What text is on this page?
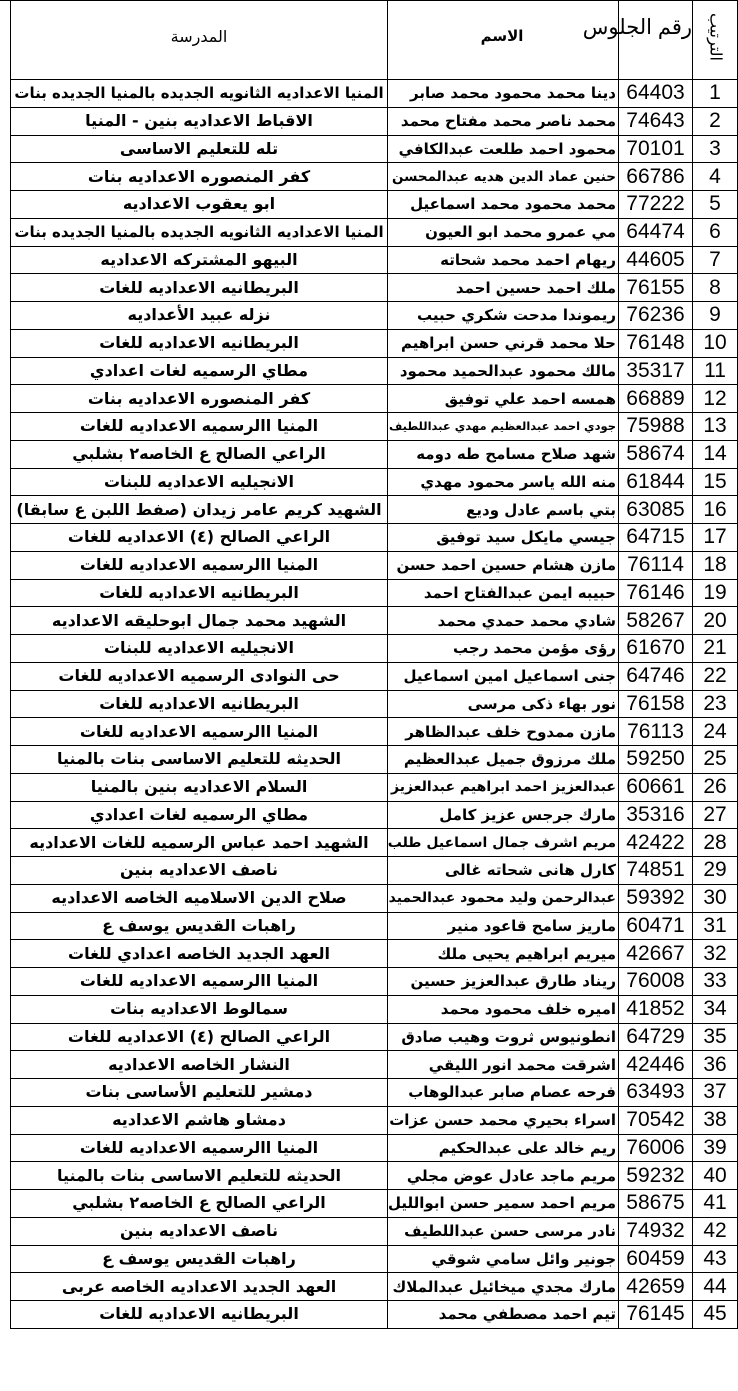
الترتيب	رقم الجلوس	الاسم	المدرسة	

1	64403	دينا محمد محمود محمد صابر	المنيا الاعداديه الثانويه الجديده بالمنيا الجديده بنات	
2	74643	محمد ناصر محمد مفتاح محمد	الاقباط الاعداديه بنين - المنيا	
3	70101	محمود احمد طلعت عبدالكافي	تله للتعليم الاساسى	
4	66786	حنين عماد الدين هديه عبدالمحسن	كفر المنصوره الاعداديه بنات	
5	77222	محمد محمود محمد اسماعيل	ابو يعقوب الاعداديه	
6	64474	مي عمرو محمد ابو العيون	المنيا الاعداديه الثانويه الجديده بالمنيا الجديده بنات	
7	44605	ريهام احمد محمد شحاته	البيهو المشتركه الاعداديه	
8	76155	ملك احمد حسين احمد	البريطانيه الاعداديه للغات	
9	76236	ريموندا مدحت شكري حبيب	نزله عبيد الأعداديه	
10	76148	حلا محمد قرني حسن ابراهيم	البريطانيه الاعداديه للغات	
11	35317	مالك محمود عبدالحميد محمود	مطاي الرسميه لغات اعدادي	
12	66889	همسه احمد علي توفيق	كفر المنصوره الاعداديه بنات	
13	75988	جودي احمد عبدالعظيم مهدي عبداللطيف	المنيا االرسميه الاعداديه للغات	
14	58674	شهد صلاح مسامح طه دومه	الراعي الصالح ع الخاصه٢ بشلبي	
15	61844	منه الله ياسر محمود مهدي	الانجيليه الاعداديه للبنات	
16	63085	بتي باسم عادل وديع	الشهيد كريم عامر زيدان (صفط اللبن ع سابقا)	
17	64715	جيسي مايكل سيد توفيق	الراعي الصالح (٤) الاعداديه للغات	
18	76114	مازن هشام حسين احمد حسن	المنيا االرسميه الاعداديه للغات	
19	76146	حبيبه ايمن عبدالفتاح احمد	البريطانيه الاعداديه للغات	
20	58267	شادي محمد حمدي محمد	الشهيد محمد جمال ابوحليقه الاعداديه	
21	61670	رؤى مؤمن محمد رجب	الانجيليه الاعداديه للبنات	
22	64746	جنى اسماعيل امين اسماعيل	حى النوادى الرسميه الاعداديه للغات	
23	76158	نور بهاء ذكى مرسى	البريطانيه الاعداديه للغات	
24	76113	مازن ممدوح خلف عبدالظاهر	المنيا االرسميه الاعداديه للغات	
25	59250	ملك مرزوق جميل عبدالعظيم	الحديثه للتعليم الاساسى بنات بالمنيا	
26	60661	عبدالعزيز احمد ابراهيم عبدالعزيز	السلام الاعداديه بنين بالمنيا	
27	35316	مارك جرجس عزيز كامل	مطاي الرسميه لغات اعدادي	
28	42422	مريم اشرف جمال اسماعيل طلب	الشهيد احمد عباس الرسميه للغات الاعداديه	
29	74851	كارل هانى شحاته غالى	ناصف الاعداديه بنين	
30	59392	عبدالرحمن وليد محمود عبدالحميد	صلاح الدين الاسلاميه الخاصه الاعداديه	
31	60471	ماريز سامح قاعود منير	راهبات القديس يوسف ع	
32	42667	ميريم ابراهيم يحيى ملك	العهد الجديد الخاصه اعدادي للغات	
33	76008	ريناد طارق عبدالعزيز حسين	المنيا االرسميه الاعداديه للغات	
34	41852	اميره خلف محمود محمد	سمالوط الاعداديه بنات	
35	64729	انطونيوس ثروت وهيب صادق	الراعي الصالح (٤) الاعداديه للغات	
36	42446	اشرقت محمد انور الليقي	النشار الخاصه الاعداديه	
37	63493	فرحه عصام صابر عبدالوهاب	دمشير للتعليم الأساسى بنات	
38	70542	اسراء بحيري محمد حسن عزات	دمشاو هاشم الاعداديه	
39	76006	ريم خالد على عبدالحكيم	المنيا االرسميه الاعداديه للغات	
40	59232	مريم ماجد عادل عوض مجلي	الحديثه للتعليم الاساسى بنات بالمنيا	
41	58675	مريم احمد سمير حسن ابوالليل	الراعي الصالح ع الخاصه٢ بشلبي	
42	74932	نادر مرسى حسن عبداللطيف	ناصف الاعداديه بنين	
43	60459	جونير وائل سامي شوقي	راهبات القديس يوسف ع	
44	42659	مارك مجدي ميخائيل عبدالملاك	العهد الجديد الاعداديه الخاصه عربى	
45	76145	تيم احمد مصطفي محمد	البريطانيه الاعداديه للغات	
